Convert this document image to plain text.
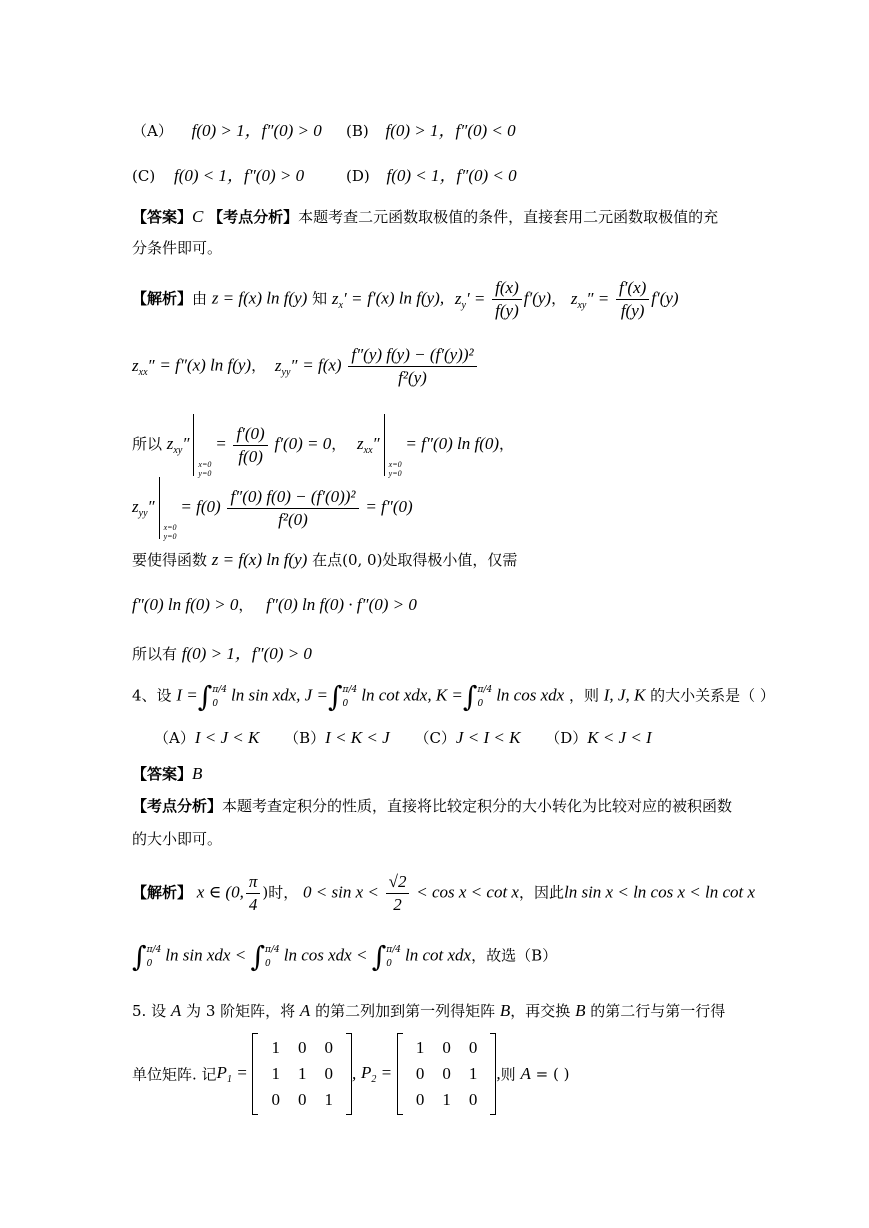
（A） f(0) > 1，f″(0) > 0 (B) f(0) > 1，f″(0) < 0
(C) f(0) < 1，f″(0) > 0	(D) f(0) < 1，f″(0) < 0
【答案】C 【考点分析】本题考查二元函数取极值的条件，直接套用二元函数取极值的充
分条件即可。
【解析】由 z = f(x) ln f(y) 知 $z_x' = f'(x)$ ln f(y), $z_y' = \frac{f(x)}{f(y)} f'(y)$， $z_{xy}'' = \frac{f'(x)}{f(y)} f'(y)$
$z_{xx}'' = f''(x)$ ln f(y)， $z_{yy}'' = f(x) \frac{\text{f″(y) f(y) − (f′(y))²}}{\text{f²(y)}}$
所以 $z_{xy}''$
x=0
y=0
= $\frac{f'(0)}{f(0)} f'(0) = 0$， $z_{xx}''$
x=0
y=0
= f″(0) ln f(0)，
$z_{yy}''$
x=0
y=0
= $f(0) \frac{\text{f″(0) f(0) − (f′(0))²}}{\text{f²(0)}} = f''(0)$
要使得函数 z = f(x) ln f(y) 在点(0, 0)处取得极小值，仅需
f″(0) ln f(0) > 0， f″(0) ln f(0) · f″(0) > 0
所以有 f(0) > 1，f″(0) > 0
4、设 I =∫π/4
0 ln sin xdx, J =∫π/4
0 ln cot xdx, K =∫π/4
0 ln cos xdx ，则 I, J, K 的大小关系是（ ）
（A）I < J < K （B）I < K < J （C）J < I < K （D）K < J < I
【答案】B
【考点分析】本题考查定积分的性质，直接将比较定积分的大小转化为比较对应的被积函数
的大小即可。
【解析】 x ∈ (0, $\frac{\pi}{4}$ )时， $0 < \sin x < \frac{√2}{2} < \cos x < \cot x$，因此ln sin x < ln cos x < ln cot x
∫π/4
0 ln sin xdx < ∫π/4
0 ln cos xdx < ∫π/4
0 ln cot xdx，故选（B）
5. 设 A 为 3 阶矩阵，将 A 的第二列加到第一列得矩阵 B，再交换 B 的第二行与第一行得
单位矩阵. 记$P_1$ =
1	0	0
1	1	0
0	0	1
, $P_2$ =
1	0	0
0	0	1
0	1	0
,则 A = ( )
